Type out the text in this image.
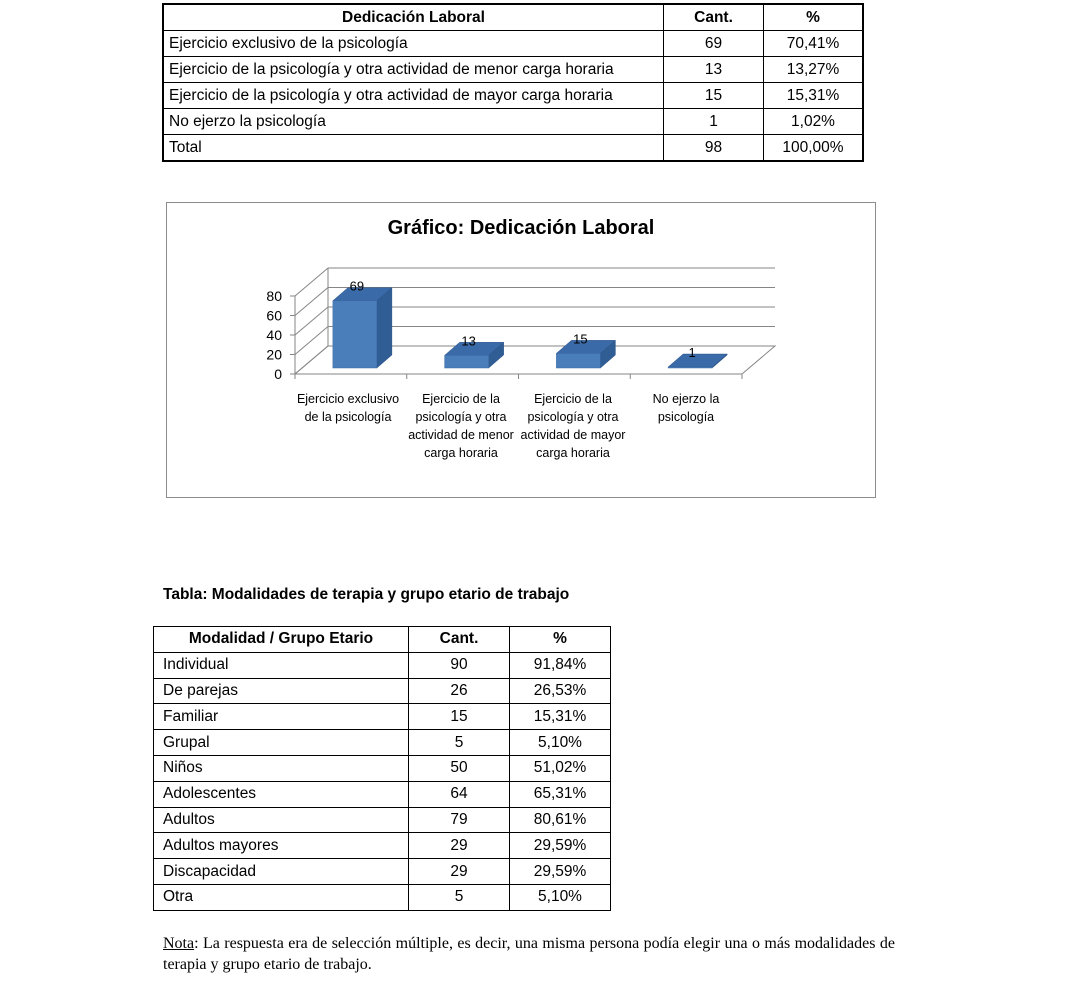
Dedicación Laboral	Cant.	%
Ejercicio exclusivo de la psicología	69	70,41%
Ejercicio de la psicología y otra actividad de menor carga horaria	13	13,27%
Ejercicio de la psicología y otra actividad de mayor carga horaria	15	15,31%
No ejerzo la psicología	1	1,02%
Total	98	100,00%
0
20
40
60
80
69
13	15
1
Gráfico: Dedicación Laboral
Ejercicio exclusivo de la psicología
Ejercicio de la psicología y otra actividad de menor carga horaria
Ejercicio de la psicología y otra actividad de mayor carga horaria
No ejerzo la psicología
Tabla: Modalidades de terapia y grupo etario de trabajo
Modalidad / Grupo Etario	Cant.	%
Individual	90	91,84%
De parejas	26	26,53%
Familiar	15	15,31%
Grupal	5	5,10%
Niños	50	51,02%
Adolescentes	64	65,31%
Adultos	79	80,61%
Adultos mayores	29	29,59%
Discapacidad	29	29,59%
Otra	5	5,10%
Nota: La respuesta era de selección múltiple, es decir, una misma persona podía elegir una o más modalidades de terapia y grupo etario de trabajo.
